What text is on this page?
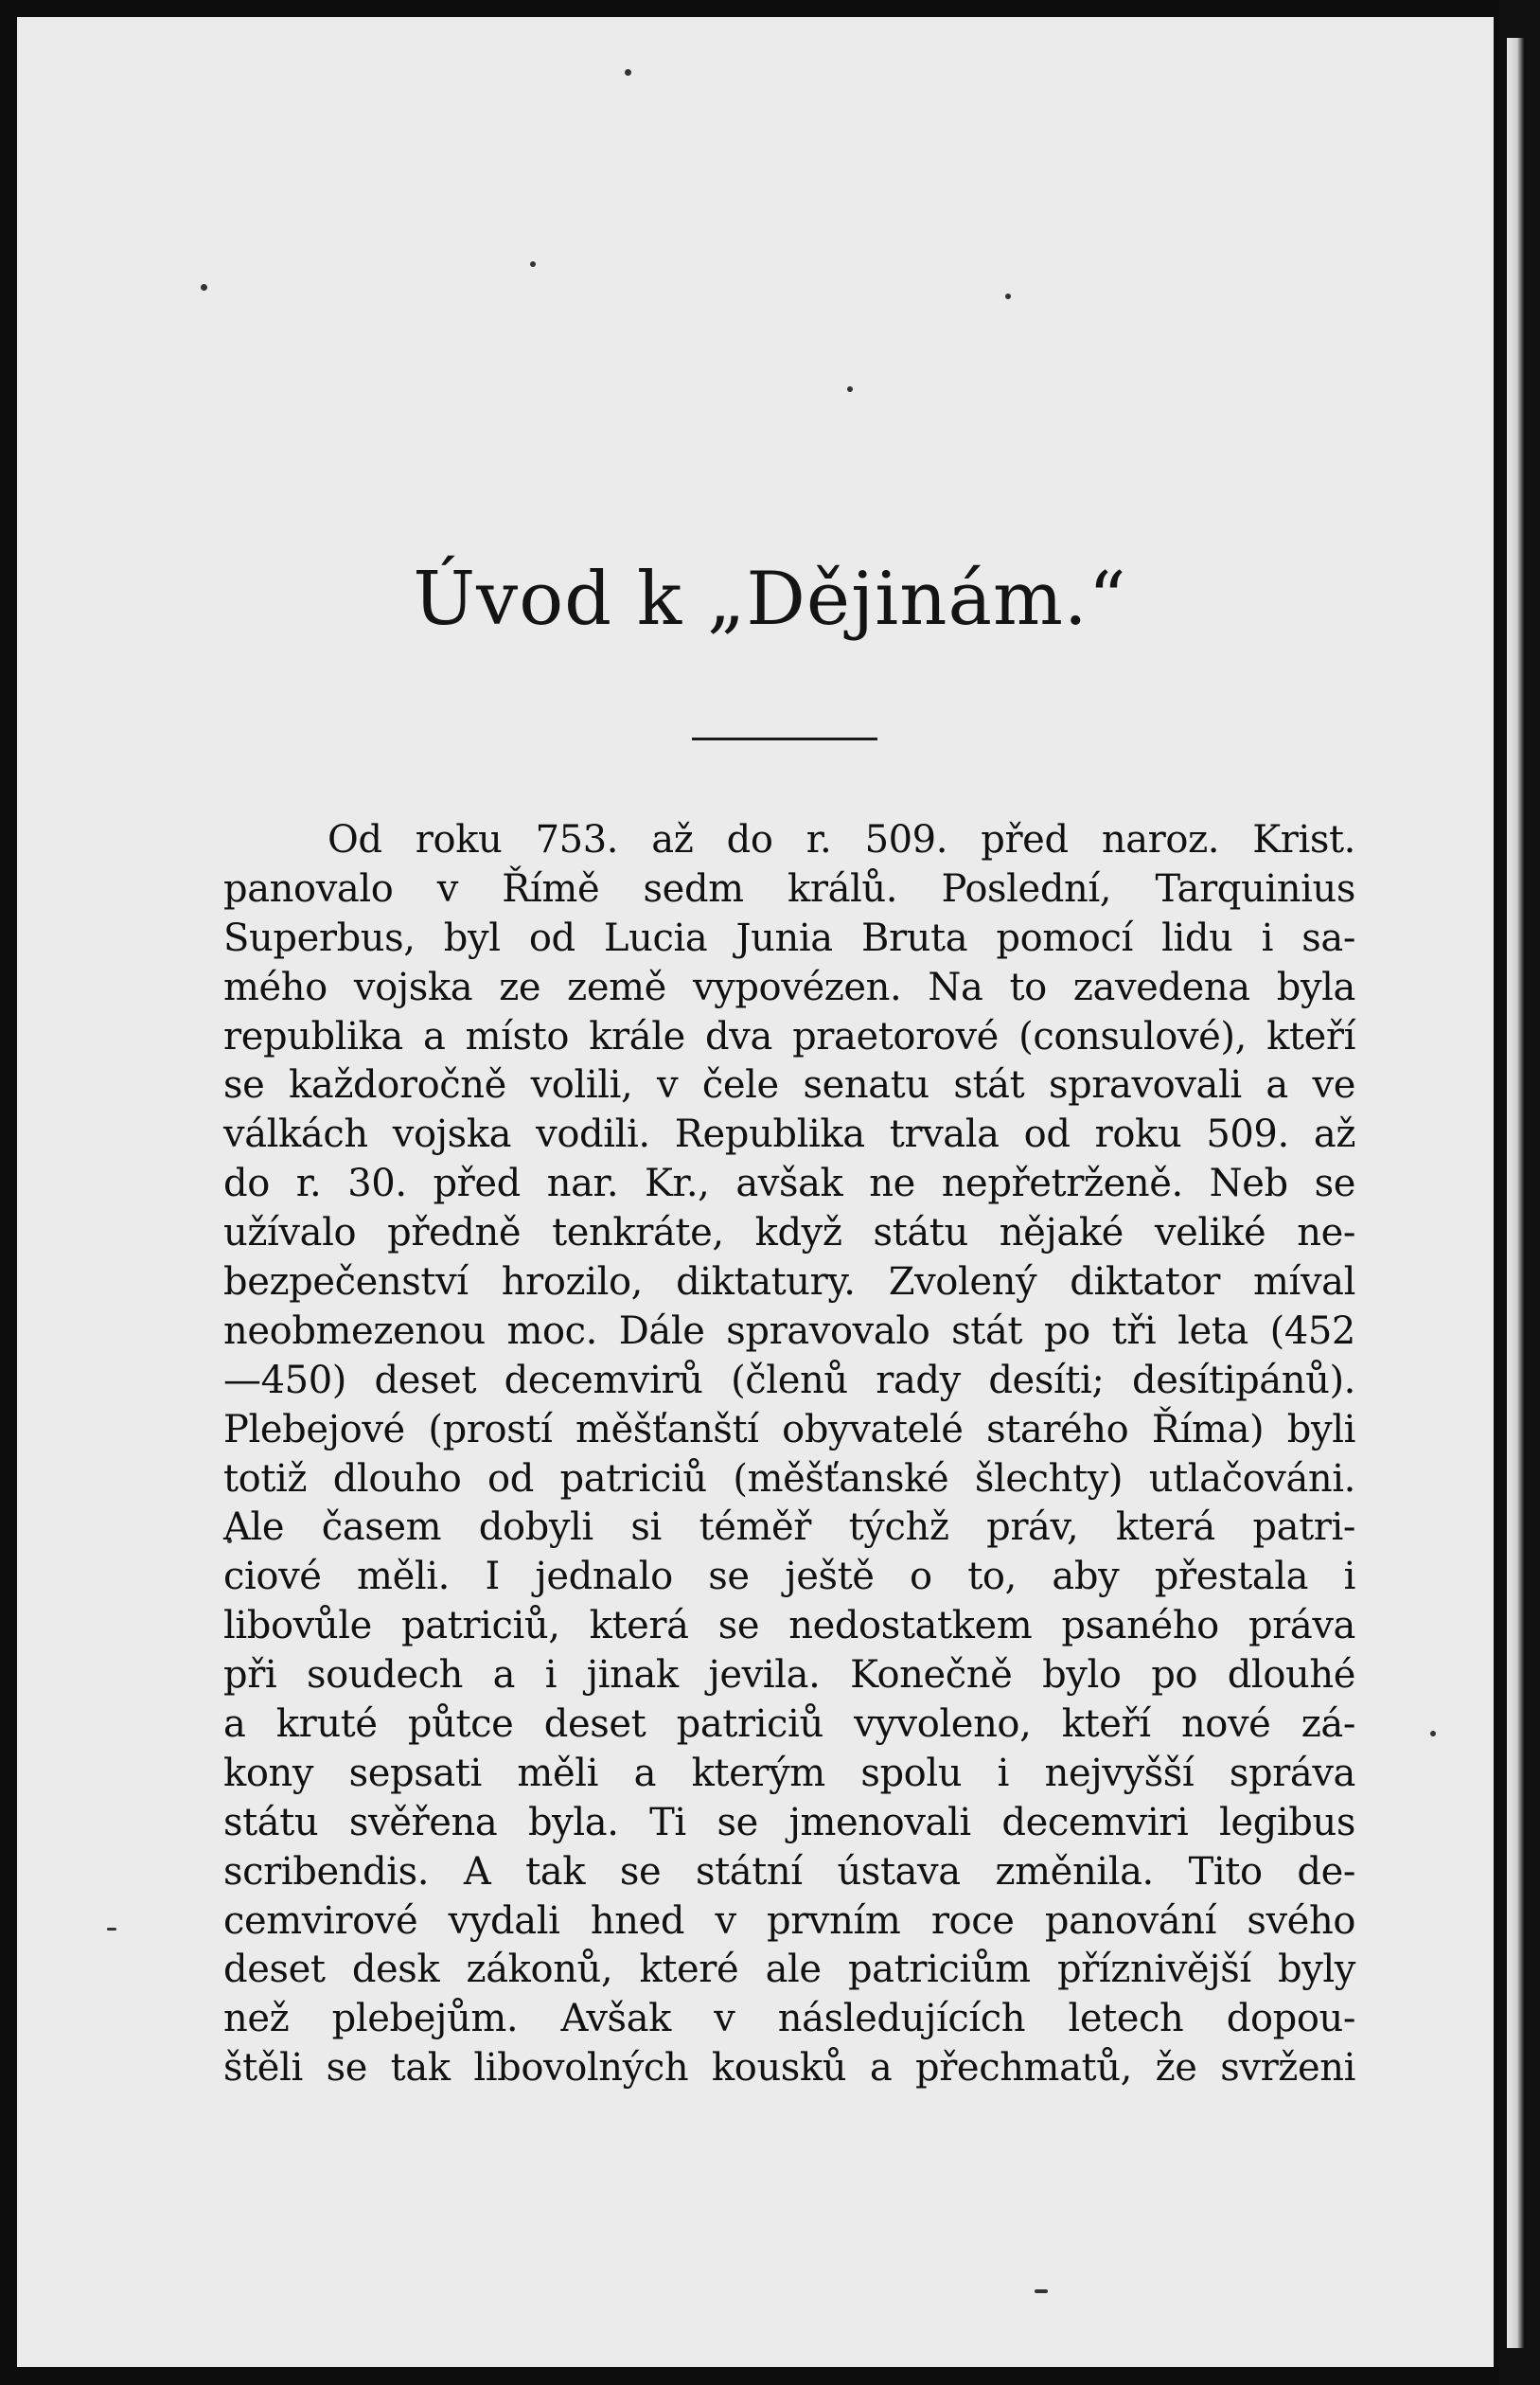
Úvod k „Dějinám.“
Od roku 753. až do r. 509. před naroz. Krist.
panovalo v Římě sedm králů. Poslední, Tarquinius
Superbus, byl od Lucia Junia Bruta pomocí lidu i sa-
mého vojska ze země vypovézen. Na to zavedena byla
republika a místo krále dva praetorové (consulové), kteří
se každoročně volili, v čele senatu stát spravovali a ve
válkách vojska vodili. Republika trvala od roku 509. až
do r. 30. před nar. Kr., avšak ne nepřetrženě. Neb se
užívalo předně tenkráte, když státu nějaké veliké ne-
bezpečenství hrozilo, diktatury. Zvolený diktator míval
neobmezenou moc. Dále spravovalo stát po tři leta (452
—450) deset decemvirů (členů rady desíti; desítipánů).
Plebejové (prostí měšťanští obyvatelé starého Říma) byli
totiž dlouho od patriciů (měšťanské šlechty) utlačováni.
Ale časem dobyli si téměř týchž práv, která patri-
ciové měli. I jednalo se ještě o to, aby přestala i
libovůle patriciů, která se nedostatkem psaného práva
při soudech a i jinak jevila. Konečně bylo po dlouhé
a kruté půtce deset patriciů vyvoleno, kteří nové zá-
kony sepsati měli a kterým spolu i nejvyšší správa
státu svěřena byla. Ti se jmenovali decemviri legibus
scribendis. A tak se státní ústava změnila. Tito de-
cemvirové vydali hned v prvním roce panování svého
deset desk zákonů, které ale patriciům příznivější byly
než plebejům. Avšak v následujících letech dopou-
štěli se tak libovolných kousků a přechmatů, že svrženi
